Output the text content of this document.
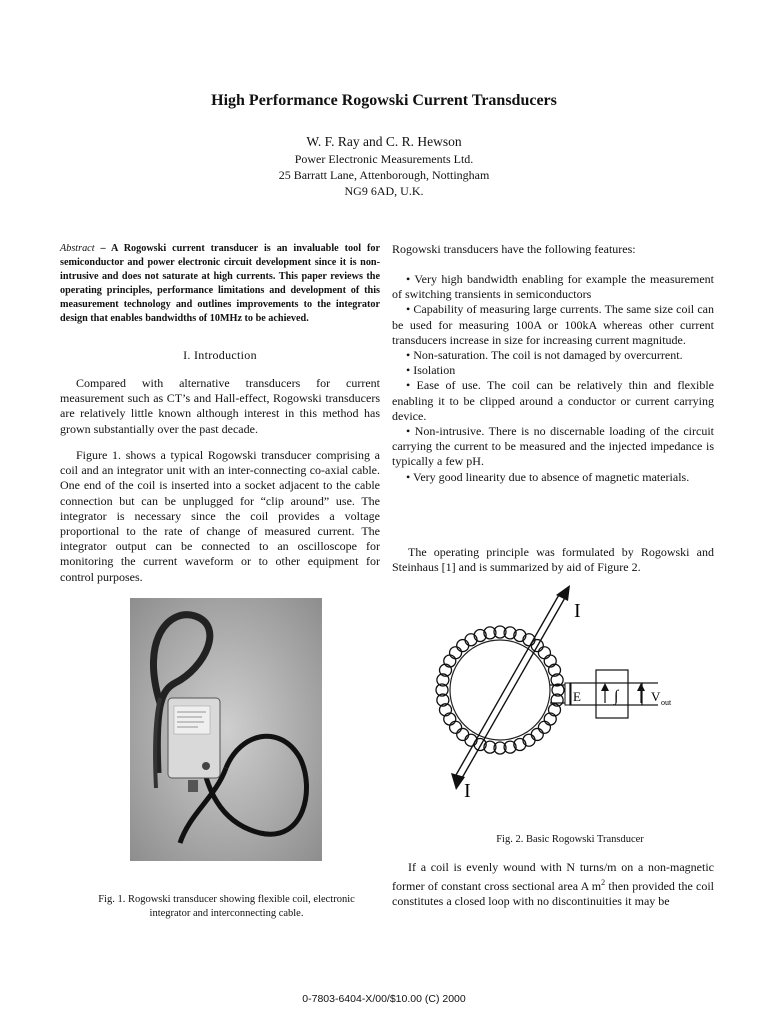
High Performance Rogowski Current Transducers
W. F. Ray and C. R. Hewson
Power Electronic Measurements Ltd.
25 Barratt Lane, Attenborough, Nottingham
NG9 6AD, U.K.
Abstract – A Rogowski current transducer is an invaluable tool for semiconductor and power electronic circuit development since it is non-intrusive and does not saturate at high currents. This paper reviews the operating principles, performance limitations and development of this measurement technology and outlines improvements to the integrator design that enables bandwidths of 10MHz to be achieved.
I. Introduction

Compared with alternative transducers for current measurement such as CT’s and Hall-effect, Rogowski transducers are relatively little known although interest in this method has grown substantially over the past decade.

Figure 1. shows a typical Rogowski transducer comprising a coil and an integrator unit with an inter-connecting co-axial cable. One end of the coil is inserted into a socket adjacent to the cable connection but can be unplugged for “clip around” use. The integrator is necessary since the coil provides a voltage proportional to the rate of change of measured current. The integrator output can be connected to an oscilloscope for monitoring the current waveform or to other equipment for control purposes.

Fig. 1. Rogowski transducer showing flexible coil, electronic integrator and interconnecting cable.
Rogowski transducers have the following features:
• Very high bandwidth enabling for example the measurement of switching transients in semiconductors
• Capability of measuring large currents. The same size coil can be used for measuring 100A or 100kA whereas other current transducers increase in size for increasing current magnitude.
• Non-saturation. The coil is not damaged by overcurrent.
• Isolation
• Ease of use. The coil can be relatively thin and flexible enabling it to be clipped around a conductor or current carrying device.
• Non-intrusive. There is no discernable loading of the circuit carrying the current to be measured and the injected impedance is typically a few pH.
• Very good linearity due to absence of magnetic materials.

The operating principle was formulated by Rogowski and Steinhaus [1] and is summarized by aid of Figure 2.

I
I
E ∫	V out
Fig. 2. Basic Rogowski Transducer

If a coil is evenly wound with N turns/m on a non-magnetic former of constant cross sectional area A $m^2$ then provided the coil constitutes a closed loop with no discontinuities it may be

0-7803-6404-X/00/$10.00 (C) 2000
